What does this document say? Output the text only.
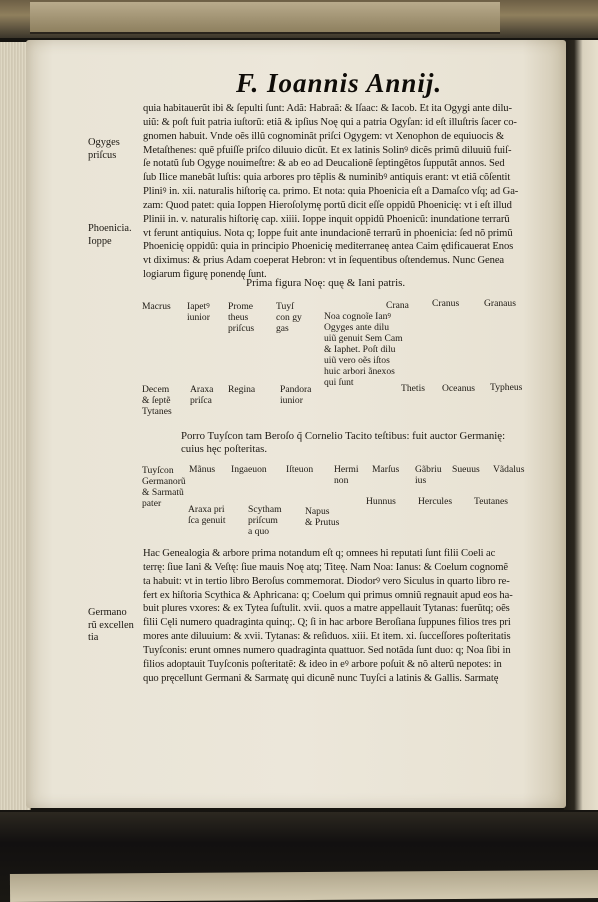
F. Ioannis Annij.
Ogyges
priſcus
Phoenicia.
Ioppe
Germano
rũ excellen
tia
quia habitauerũt ibi & ſepulti ſunt: Adã: Habraã: & Iſaac: & Iacob. Et ita Ogygi ante dilu-
uiũ: & poſt fuit patria iuſtorũ: etiã & ipſius Noę qui a patria Ogyſan: id eſt illuſtris ſacer co-
gnomen habuit. Vnde oẽs illũ cognominãt priſci Ogygem: vt Xenophon de equiuocis &
Metaſthenes: quẽ pfuiſſe priſco diluuio dicũt. Et ex latinis Solinꝰ dicẽs primũ diluuiũ fuiſ-
ſe notatũ ſub Ogyge nouimeſtre: & ab eo ad Deucalionẽ ſeptingẽtos ſupputãt annos. Sed
ſub Ilice manebãt luſtis: quia arbores pro tẽplis & numinibꝰ antiquis erant: vt etiã cõſentit
Pliniꝰ in. xii. naturalis hiſtorię ca. primo. Et nota: quia Phoenicia eſt a Damaſco vſq; ad Ga-
zam: Quod patet: quia Ioppen Hieroſolymę portũ dicit eſſe oppidũ Phoenicię: vt i eſt illud
Plinii in. v. naturalis hiſtorię cap. xiiii. Ioppe inquit oppidũ Phoenicũ: inundatione terrarũ
vt ferunt antiquius. Nota q; Ioppe fuit ante inundacionẽ terrarũ in phoenicia: ſed nõ primũ
Phoenicię oppidũ: quia in principio Phoenicię mediterraneę antea Caim ędificauerat Enos
vt diximus: & prius Adam coeperat Hebron: vt in ſequentibus oſtendemus. Nunc Genea
logiarum figurę ponendę ſunt.
Prima figura Noę: quę & Iani patris.
Macrus Iapetꝰ
iunior
Prome
theus
priſcus
Tuyſ
con gy
gas
Crana Cranus	Granaus
Noa cognoĩe Ianꝰ
Ogyges ante dilu
uiũ genuit Sem Cam
& Iaphet. Poſt dilu
uiũ vero oẽs iſtos
huic arbori ãnexos
qui ſunt
Decem
& ſeptẽ
Tytanes
Araxa
priſca
Regina	Pandora
iunior
Thetis Oceanus Typheus
Porro Tuyſcon tam Beroſo q̃ Cornelio Tacito teſtibus: fuit auctor Germanię:
cuius hęc poſteritas.
Tuyſcon
Germanorũ
& Sarmatũ
pater
Mãnus Ingaeuon Iſteuon Hermi
non
Marſus Gãbriu
ius
Sueuus Vãdalus
Hunnus Hercules Teutanes
Araxa pri
ſca genuit
Scytham
priſcum
a quo
Napus
& Prutus
Hac Genealogia & arbore prima notandum eſt q; omnees hi reputati ſunt filii Coeli ac
terrę: ſiue Iani & Veſtę: ſiue mauis Noę atq; Titeę. Nam Noa: Ianus: & Coelum cognomẽ
ta habuit: vt in tertio libro Beroſus commemorat. Diodorꝰ vero Siculus in quarto libro re-
fert ex hiſtoria Scythica & Aphricana: q; Coelum qui primus omniũ regnauit apud eos ha-
buit plures vxores: & ex Tytea ſuſtulit. xvii. quos a matre appellauit Tytanas: fuerũtq; oẽs
filii Cęli numero quadraginta quinq;. Q; ſi in hac arbore Beroſiana ſuppunes filios tres pri
mores ante diluuium: & xvii. Tytanas: & reſiduos. xiii. Et item. xi. ſucceſſores poſteritatis
Tuyſconis: erunt omnes numero quadraginta quattuor. Sed notãda ſunt duo: q; Noa ſibi in
filios adoptauit Tuyſconis poſteritatẽ: & ideo in eꝰ arbore poſuit & nõ alterũ nepotes: in
quo pręcellunt Germani & Sarmatę qui dicunẽ nunc Tuyſci a latinis & Gallis. Sarmatę
